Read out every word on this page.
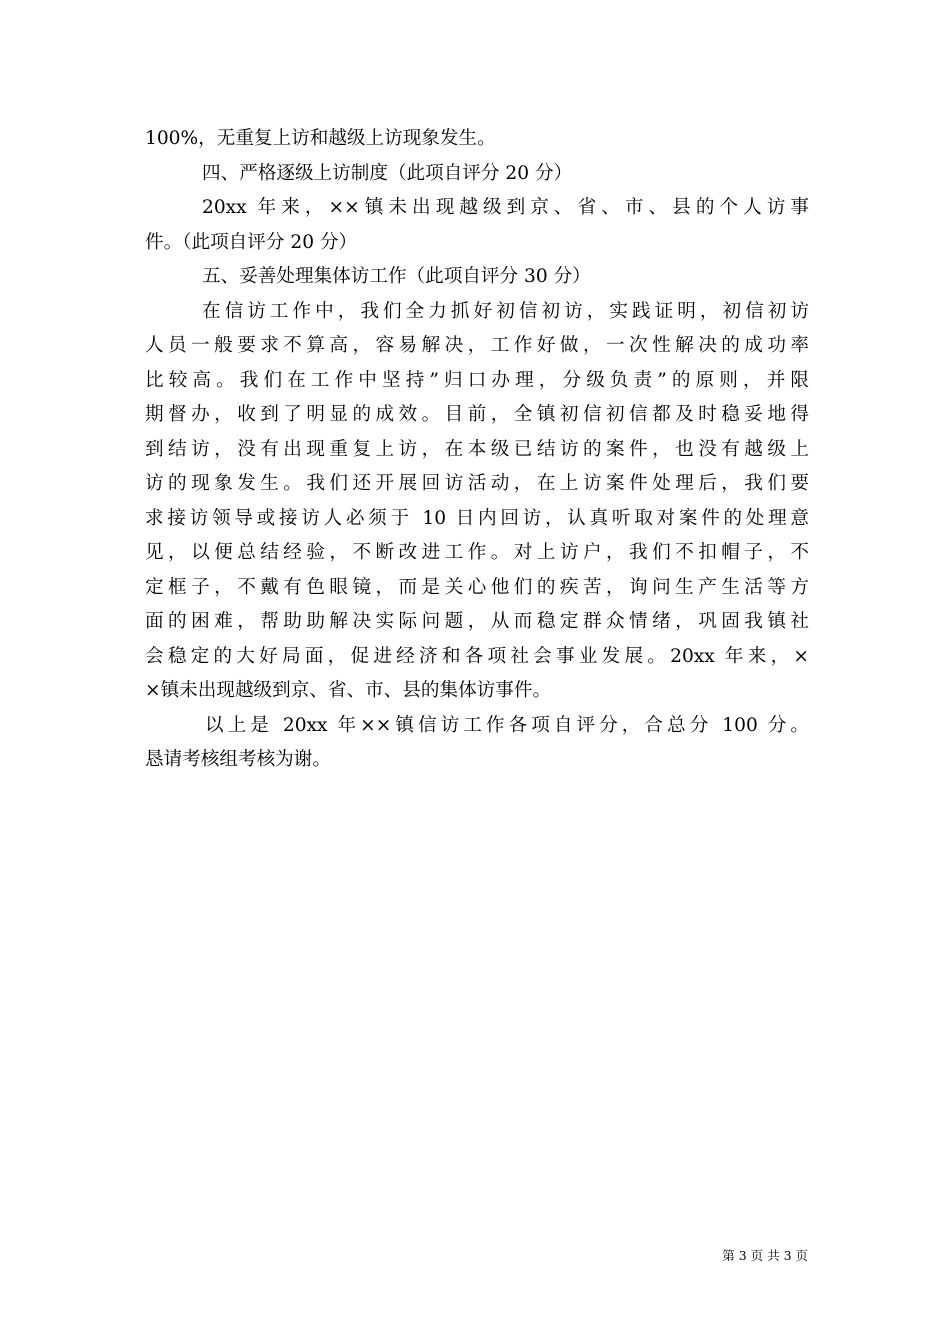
100%，无重复上访和越级上访现象发生。
四、严格逐级上访制度（此项自评分 20 分）
20xx 年来，××镇未出现越级到京、省、市、县的个人访事
件。（此项自评分 20 分）
五、妥善处理集体访工作（此项自评分 30 分）
在信访工作中，我们全力抓好初信初访，实践证明，初信初访
人员一般要求不算高，容易解决，工作好做，一次性解决的成功率
比较高。我们在工作中坚持”归口办理，分级负责”的原则，并限
期督办，收到了明显的成效。目前，全镇初信初信都及时稳妥地得
到结访，没有出现重复上访，在本级已结访的案件，也没有越级上
访的现象发生。我们还开展回访活动，在上访案件处理后，我们要
求接访领导或接访人必须于 10 日内回访，认真听取对案件的处理意
见，以便总结经验，不断改进工作。对上访户，我们不扣帽子，不
定框子，不戴有色眼镜，而是关心他们的疾苦，询问生产生活等方
面的困难，帮助助解决实际问题，从而稳定群众情绪，巩固我镇社
会稳定的大好局面，促进经济和各项社会事业发展。20xx 年来，×
×镇未出现越级到京、省、市、县的集体访事件。
以上是 20xx 年××镇信访工作各项自评分，合总分 100 分。
恳请考核组考核为谢。
第 3 页 共 3 页
